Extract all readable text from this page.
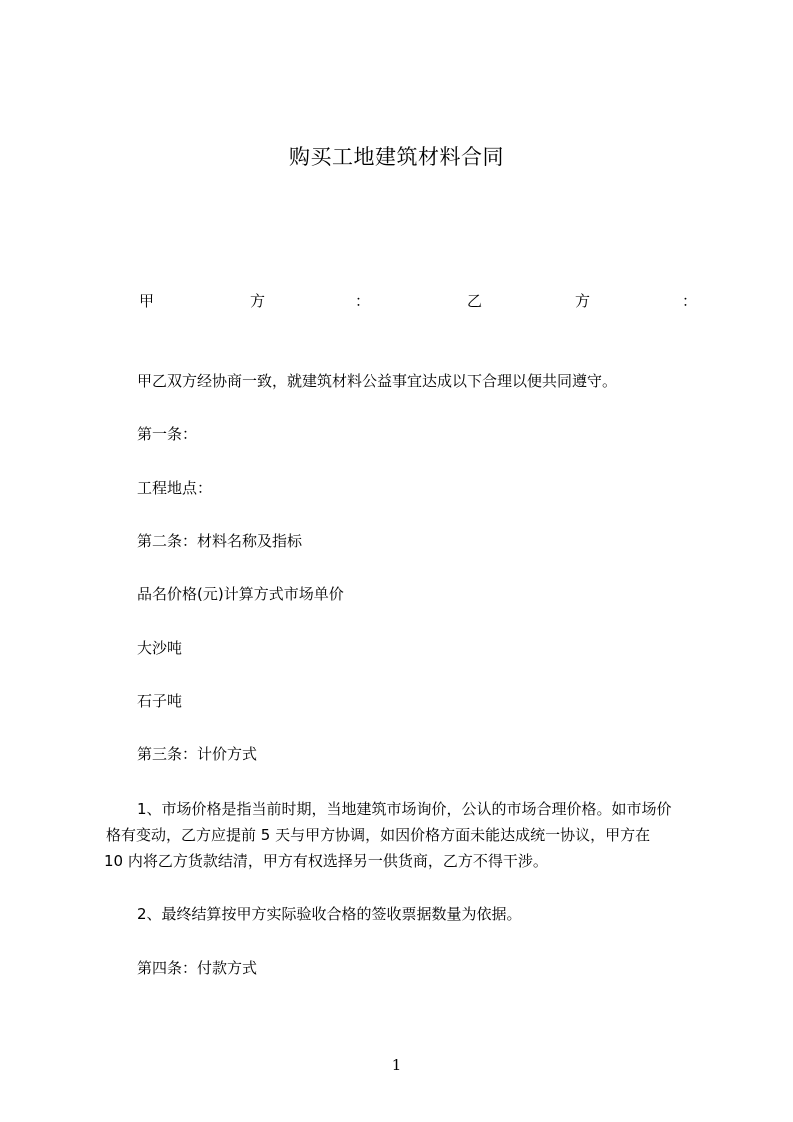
购买工地建筑材料合同
甲	方	：	乙	方	：
甲乙双方经协商一致，就建筑材料公益事宜达成以下合理以便共同遵守。
第一条：
工程地点：
第二条：材料名称及指标
品名价格(元)计算方式市场单价
大沙吨
石子吨
第三条：计价方式
1、市场价格是指当前时期，当地建筑市场询价，公认的市场合理价格。如市场价
格有变动，乙方应提前 5 天与甲方协调，如因价格方面未能达成统一协议，甲方在
10 内将乙方货款结清，甲方有权选择另一供货商，乙方不得干涉。
2、最终结算按甲方实际验收合格的签收票据数量为依据。
第四条：付款方式
1
